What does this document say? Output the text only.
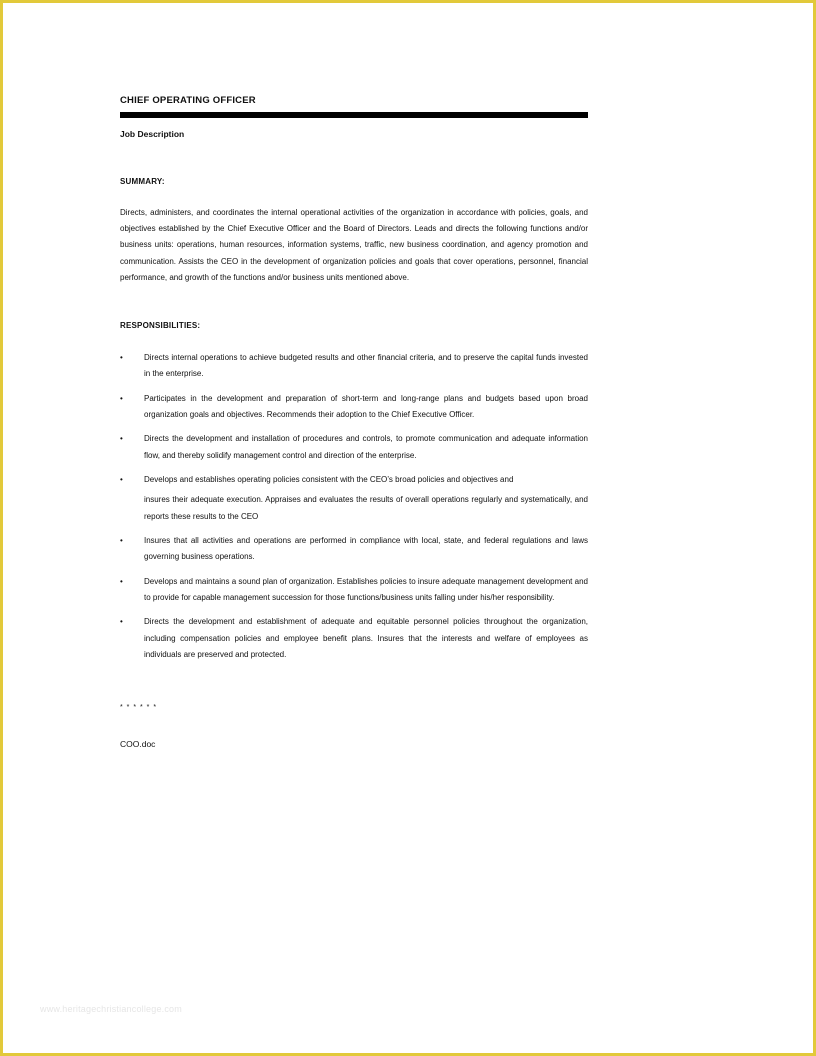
CHIEF OPERATING OFFICER
Job Description
SUMMARY:
Directs, administers, and coordinates the internal operational activities of the organization in accordance with policies, goals, and objectives established by the Chief Executive Officer and the Board of Directors. Leads and directs the following functions and/or business units: operations, human resources, information systems, traffic, new business coordination, and agency promotion and communication. Assists the CEO in the development of organization policies and goals that cover operations, personnel, financial performance, and growth of the functions and/or business units mentioned above.
RESPONSIBILITIES:
•	Directs internal operations to achieve budgeted results and other financial criteria, and to preserve the capital funds invested in the enterprise.
•	Participates in the development and preparation of short-term and long-range plans and budgets based upon broad organization goals and objectives. Recommends their adoption to the Chief Executive Officer.
•	Directs the development and installation of procedures and controls, to promote communication and adequate information flow, and thereby solidify management control and direction of the enterprise.
•	Develops and establishes operating policies consistent with the CEO’s broad policies and objectives and
insures their adequate execution. Appraises and evaluates the results of overall operations regularly and systematically, and reports these results to the CEO
•	Insures that all activities and operations are performed in compliance with local, state, and federal regulations and laws governing business operations.
•	Develops and maintains a sound plan of organization. Establishes policies to insure adequate management development and to provide for capable management succession for those functions/business units falling under his/her responsibility.
•	Directs the development and establishment of adequate and equitable personnel policies throughout the organization, including compensation policies and employee benefit plans. Insures that the interests and welfare of employees as individuals are preserved and protected.
* * * * * *
COO.doc
www.heritagechristiancollege.com
